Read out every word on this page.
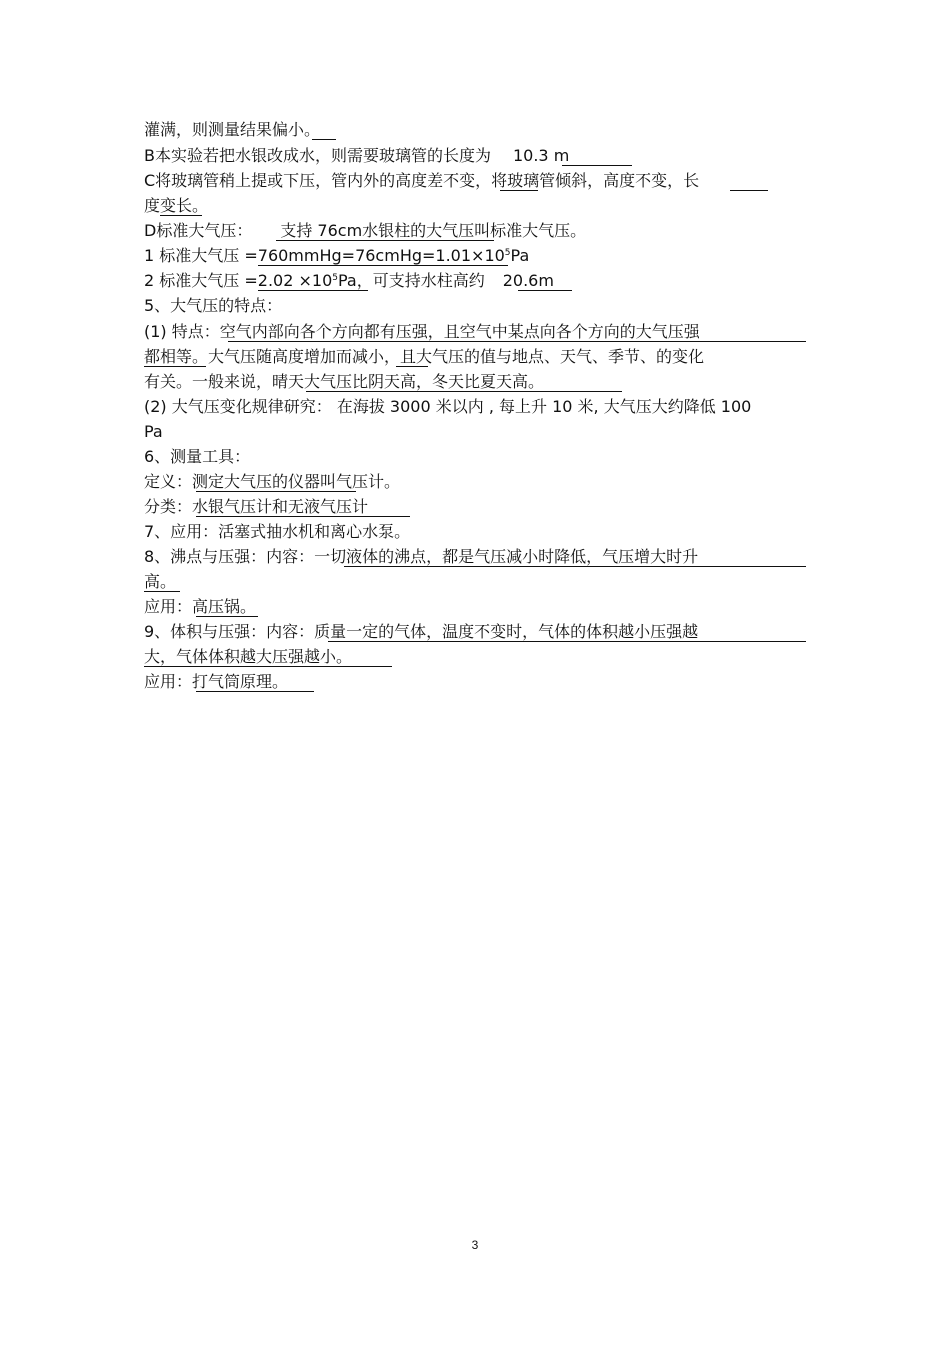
灌满，则测量结果偏小。
B本实验若把水银改成水，则需要玻璃管的长度为 10.3 m
C将玻璃管稍上提或下压，管内外的高度差不变，将玻璃管倾斜，高度不变，长
度变长。
D标准大气压： 支持 76cm水银柱的大气压叫标准大气压。
1 标准大气压 $=760mmHg=76cmHg=1.01\times 10^5Pa$
2 标准大气压 $=2.02 \times 10^5Pa$，可支持水柱高约 20.6m
5、大气压的特点：
(1) 特点：空气内部向各个方向都有压强，且空气中某点向各个方向的大气压强
都相等。大气压随高度增加而减小，且大气压的值与地点、天气、季节、的变化
有关。一般来说，晴天大气压比阴天高，冬天比夏天高。
(2) 大气压变化规律研究： 在海拔 3000 米以内 , 每上升 10 米, 大气压大约降低 100
Pa
6、测量工具：
定义：测定大气压的仪器叫气压计。
分类：水银气压计和无液气压计
7、应用：活塞式抽水机和离心水泵。
8、沸点与压强：内容：一切液体的沸点，都是气压减小时降低，气压增大时升
高。
应用：高压锅。
9、体积与压强：内容：质量一定的气体，温度不变时，气体的体积越小压强越
大，气体体积越大压强越小。
应用：打气筒原理。
3
